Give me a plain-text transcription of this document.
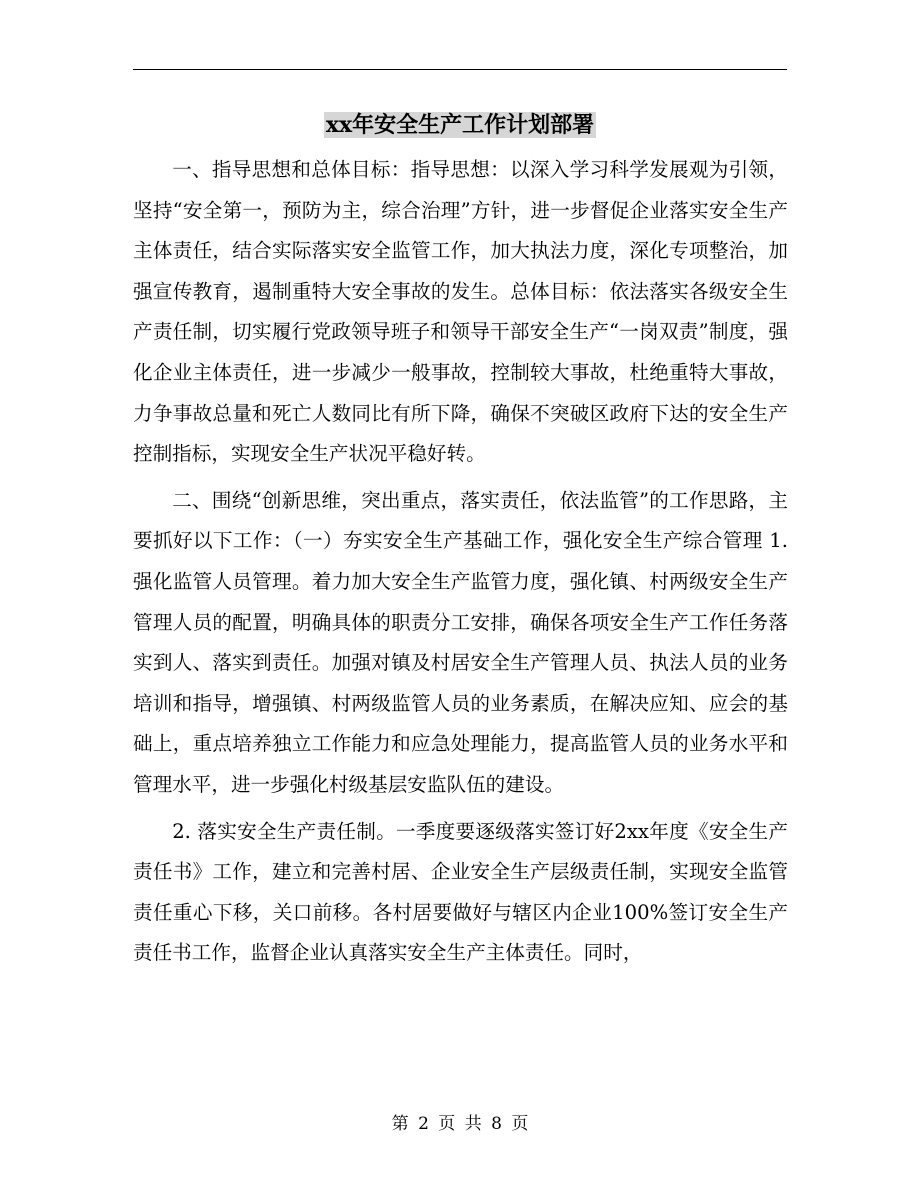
xx年安全生产工作计划部署

一、指导思想和总体目标：指导思想：以深入学习科学发展观为引领，坚持“安全第一，预防为主，综合治理”方针，进一步督促企业落实安全生产主体责任，结合实际落实安全监管工作，加大执法力度，深化专项整治，加强宣传教育，遏制重特大安全事故的发生。总体目标：依法落实各级安全生产责任制，切实履行党政领导班子和领导干部安全生产“一岗双责”制度，强化企业主体责任，进一步减少一般事故，控制较大事故，杜绝重特大事故，力争事故总量和死亡人数同比有所下降，确保不突破区政府下达的安全生产控制指标，实现安全生产状况平稳好转。

二、围绕“创新思维，突出重点，落实责任，依法监管”的工作思路，主要抓好以下工作：（一）夯实安全生产基础工作，强化安全生产综合管理 1. 强化监管人员管理。着力加大安全生产监管力度，强化镇、村两级安全生产管理人员的配置，明确具体的职责分工安排，确保各项安全生产工作任务落实到人、落实到责任。加强对镇及村居安全生产管理人员、执法人员的业务培训和指导，增强镇、村两级监管人员的业务素质，在解决应知、应会的基础上，重点培养独立工作能力和应急处理能力，提高监管人员的业务水平和管理水平，进一步强化村级基层安监队伍的建设。

2. 落实安全生产责任制。一季度要逐级落实签订好2xx年度《安全生产责任书》工作，建立和完善村居、企业安全生产层级责任制，实现安全监管责任重心下移，关口前移。各村居要做好与辖区内企业100%签订安全生产责任书工作，监督企业认真落实安全生产主体责任。同时，

第 2 页 共 8 页
